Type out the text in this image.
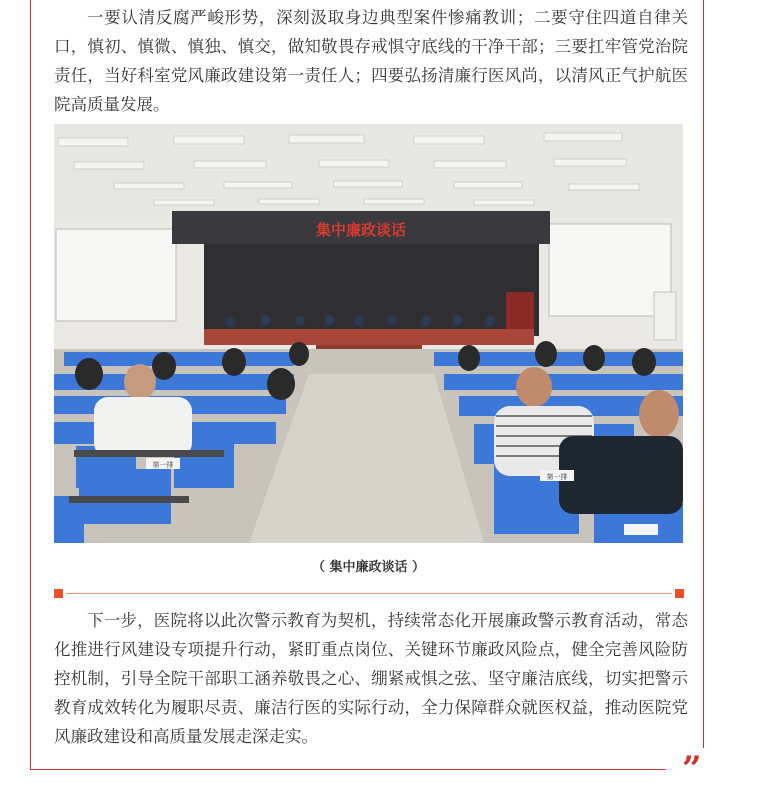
一要认清反腐严峻形势，深刻汲取身边典型案件惨痛教训；二要守住四道自律关口，慎初、慎微、慎独、慎交，做知敬畏存戒惧守底线的干净干部；三要扛牢管党治院责任，当好科室党风廉政建设第一责任人；四要弘扬清廉行医风尚，以清风正气护航医院高质量发展。

集中廉政谈话
第一排
第一排
（ 集中廉政谈话 ）

下一步，医院将以此次警示教育为契机，持续常态化开展廉政警示教育活动，常态化推进行风建设专项提升行动，紧盯重点岗位、关键环节廉政风险点，健全完善风险防控机制，引导全院干部职工涵养敬畏之心、绷紧戒惧之弦、坚守廉洁底线，切实把警示教育成效转化为履职尽责、廉洁行医的实际行动，全力保障群众就医权益，推动医院党风廉政建设和高质量发展走深走实。

”
